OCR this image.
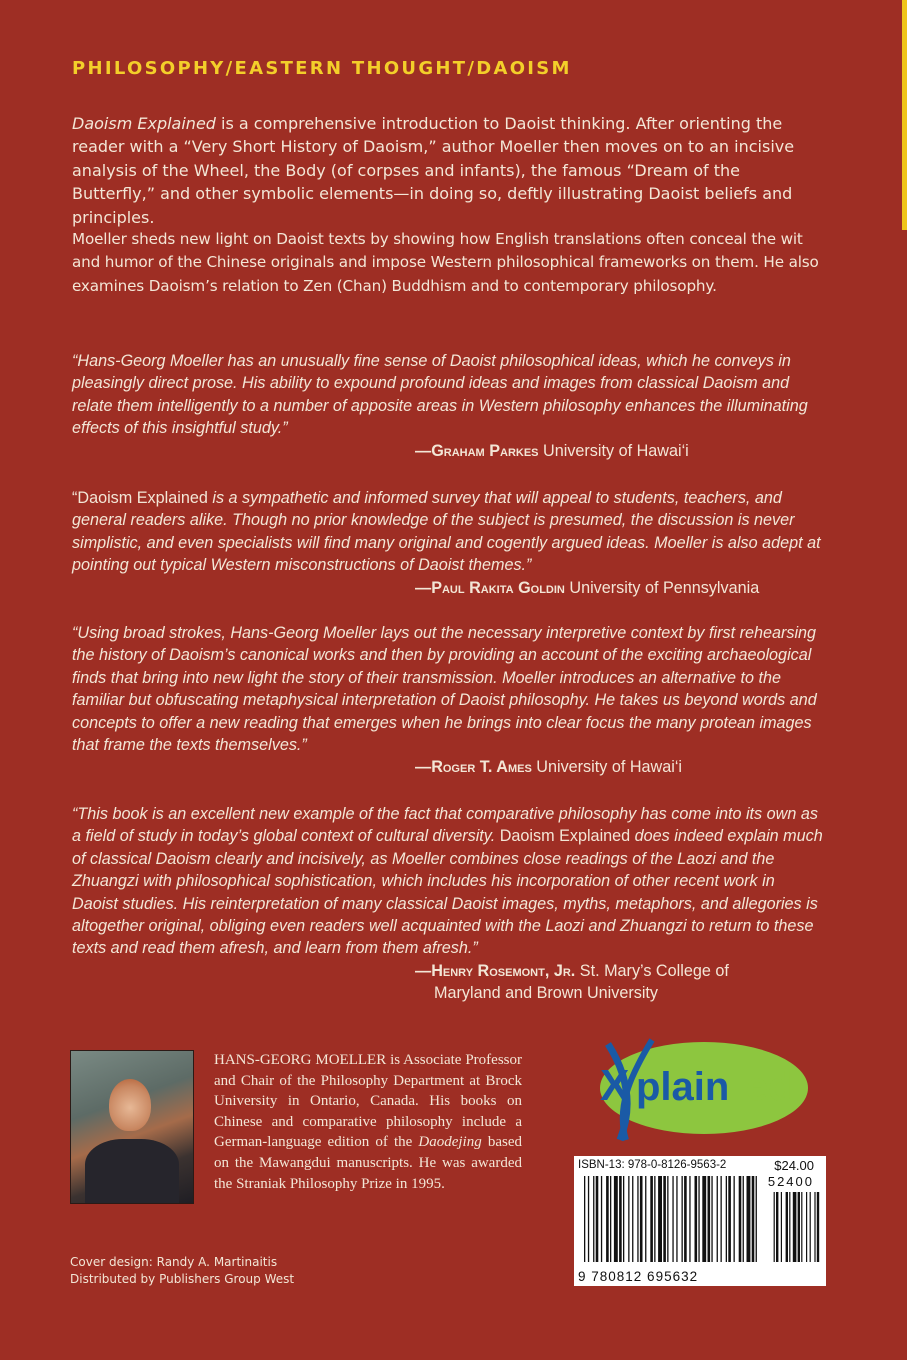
PHILOSOPHY/EASTERN THOUGHT/DAOISM

Daoism Explained is a comprehensive introduction to Daoist thinking. After orienting the reader with a “Very Short History of Daoism,” author Moeller then moves on to an incisive analysis of the Wheel, the Body (of corpses and infants), the famous “Dream of the Butterfly,” and other symbolic elements—in doing so, deftly illustrating Daoist beliefs and principles.

Moeller sheds new light on Daoist texts by showing how English translations often conceal the wit and humor of the Chinese originals and impose Western philosophical frameworks on them. He also examines Daoism’s relation to Zen (Chan) Buddhism and to contemporary philosophy.

“Hans-Georg Moeller has an unusually fine sense of Daoist philosophical ideas, which he conveys in pleasingly direct prose. His ability to expound profound ideas and images from classical Daoism and relate them intelligently to a number of apposite areas in Western philosophy enhances the illuminating effects of this insightful study.”
—Graham Parkes University of Hawai‘i

“Daoism Explained is a sympathetic and informed survey that will appeal to students, teachers, and general readers alike. Though no prior knowledge of the subject is presumed, the discussion is never simplistic, and even specialists will find many original and cogently argued ideas. Moeller is also adept at pointing out typical Western misconstructions of Daoist themes.”
—Paul Rakita Goldin University of Pennsylvania

“Using broad strokes, Hans-Georg Moeller lays out the necessary interpretive context by first rehearsing the history of Daoism’s canonical works and then by providing an account of the exciting archaeological finds that bring into new light the story of their transmission. Moeller introduces an alternative to the familiar but obfuscating metaphysical interpretation of Daoist philosophy. He takes us beyond words and concepts to offer a new reading that emerges when he brings into clear focus the many protean images that frame the texts themselves.”
—Roger T. Ames University of Hawai‘i

“This book is an excellent new example of the fact that comparative philosophy has come into its own as a field of study in today’s global context of cultural diversity. Daoism Explained does indeed explain much of classical Daoism clearly and incisively, as Moeller combines close readings of the Laozi and the Zhuangzi with philosophical sophistication, which includes his incorporation of other recent work in Daoist studies. His reinterpretation of many classical Daoist images, myths, metaphors, and allegories is altogether original, obliging even readers well acquainted with the Laozi and Zhuangzi to return to these texts and read them afresh, and learn from them afresh.”
—Henry Rosemont, Jr. St. Mary’s College of
Maryland and Brown University

HANS-GEORG MOELLER is Associate Professor and Chair of the Philosophy Department at Brock University in Ontario, Canada. His books on Chinese and comparative philosophy include a German-language edition of the Daodejing based on the Mawangdui manuscripts. He was awarded the Straniak Philosophy Prize in 1995.

X plain ed
ISBN-13: 978-0-8126-9563-2	$24.00
52400
9 780812 695632
Cover design: Randy A. Martinaitis
Distributed by Publishers Group West
